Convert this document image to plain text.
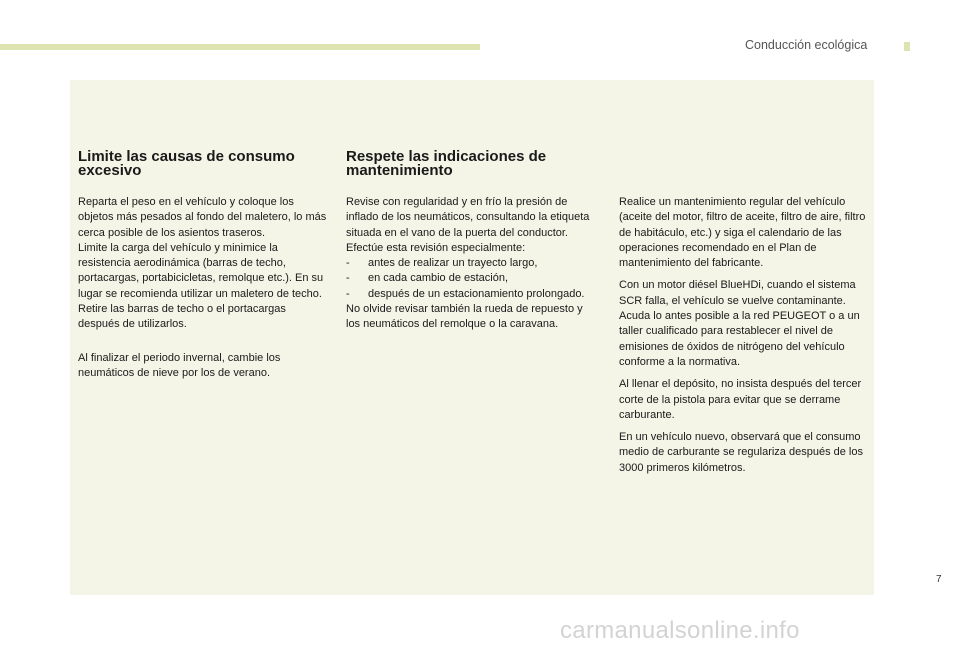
Conducción ecológica
Limite las causas de consumo excesivo

Reparta el peso en el vehículo y coloque los objetos más pesados al fondo del maletero, lo más cerca posible de los asientos traseros.

Limite la carga del vehículo y minimice la resistencia aerodinámica (barras de techo, portacargas, portabicicletas, remolque etc.). En su lugar se recomienda utilizar un maletero de techo.

Retire las barras de techo o el portacargas después de utilizarlos.

Al finalizar el periodo invernal, cambie los neumáticos de nieve por los de verano.

Respete las indicaciones de mantenimiento

Revise con regularidad y en frío la presión de inflado de los neumáticos, consultando la etiqueta situada en el vano de la puerta del conductor.

Efectúe esta revisión especialmente:

- antes de realizar un trayecto largo,
- en cada cambio de estación,
- después de un estacionamiento prolongado.

No olvide revisar también la rueda de repuesto y los neumáticos del remolque o la caravana.

Realice un mantenimiento regular del vehículo (aceite del motor, filtro de aceite, filtro de aire, filtro de habitáculo, etc.) y siga el calendario de las operaciones recomendado en el Plan de mantenimiento del fabricante.

Con un motor diésel BlueHDi, cuando el sistema SCR falla, el vehículo se vuelve contaminante. Acuda lo antes posible a la red PEUGEOT o a un taller cualificado para restablecer el nivel de emisiones de óxidos de nitrógeno del vehículo conforme a la normativa.

Al llenar el depósito, no insista después del tercer corte de la pistola para evitar que se derrame carburante.

En un vehículo nuevo, observará que el consumo medio de carburante se regulariza después de los 3000 primeros kilómetros.

7
carmanualsonline.info
